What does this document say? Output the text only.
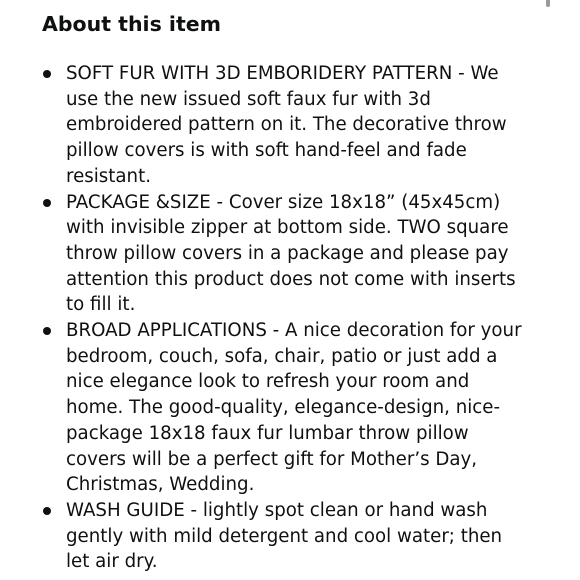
About this item
SOFT FUR WITH 3D EMBORIDERY PATTERN - We
use the new issued soft faux fur with 3d
embroidered pattern on it. The decorative throw
pillow covers is with soft hand-feel and fade
resistant.
PACKAGE &SIZE - Cover size 18x18” (45x45cm)
with invisible zipper at bottom side. TWO square
throw pillow covers in a package and please pay
attention this product does not come with inserts
to fill it.
BROAD APPLICATIONS - A nice decoration for your
bedroom, couch, sofa, chair, patio or just add a
nice elegance look to refresh your room and
home. The good-quality, elegance-design, nice-
package 18x18 faux fur lumbar throw pillow
covers will be a perfect gift for Mother’s Day,
Christmas, Wedding.
WASH GUIDE - lightly spot clean or hand wash
gently with mild detergent and cool water; then
let air dry.
